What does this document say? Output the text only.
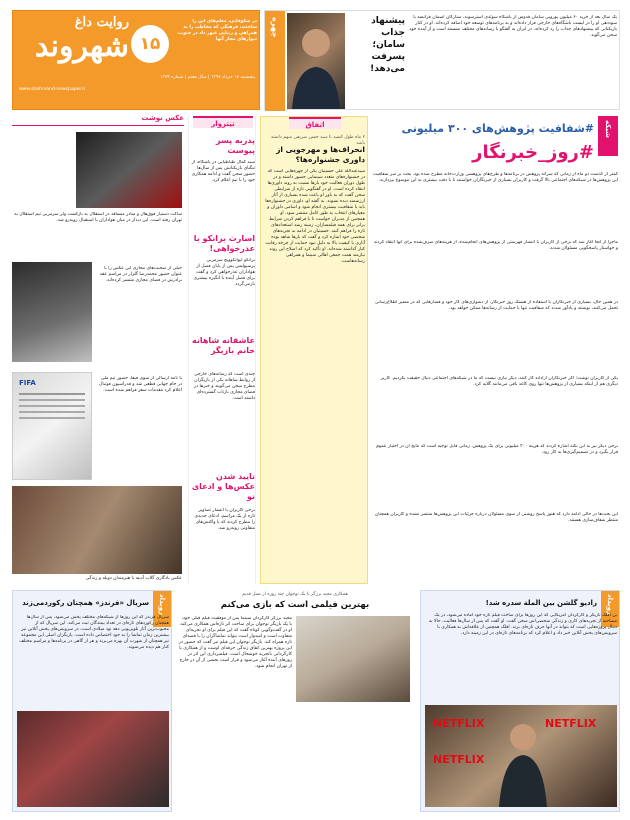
روایت داغ
شهروند ۱۵
در شکوفایی، معلم‌های این را ساختند، فرهنگی که مخاطب را به همراهی و زیبایی عبور داد در جنوب، دیوارهای مجاز آنها
پنجشنبه ۱۷ خرداد ۱۳۹۷ | سال هفتم | شماره ۱۳۷۹
www.shahrvand-newspaper.ir
چهره	پیشنهاد جذاب سامان؛ پسرفت می‌دهد!
یک سال بعد از خرید ۶۰ میلیون یورویی سامان قدوس از باشگاه سوئدی استرسوند، ستارگان آسمان فرانسه با سوددهی او را در لیست باشگاه‌های خارجی قرار داده‌اند و به برنامه‌های توسعه خود اضافه کرده‌اند. او در کنار بازیکنانی که پیشنهاد‌های جذاب را رد کرده‌اند، در ایران به گفتگو با رسانه‌های مختلف نشسته است و از آینده خود سخن می‌گوید.
عکس نوشت
ساکت دستیار فوق‌هال و منادر منساقد در استقلال به بازگشت ولر سرمربی تیم استقلال به تهران رفته است. این دیدار در میان هواداران با استقبال روبه‌رو شد.
خیلی از صحبت‌های مجازی این عکس را با عنوان حضور محمدرضا گلزار در مراسم عقد برادرش در فضای مجازی منتشر کرده‌اند.
FIFA
با نامه ارسالی از سوی فیفا، حضور تیم ملی در جام جهانی قطعی شد و فدراسیون فوتبال اعلام کرد مقدمات سفر فراهم شده است.
عکس یادگاری گلاب آدینه با هنرمندان دوبله و زندگی
تیتروار
پدربه پسر پیوست
سید کمال طباطبایی در باشگاه، از تنگنای بازیکنانش پس از سال‌ها حضور سخن گفت و ادامه همکاری خود را با تیم اعلام کرد.
اسارت برانکو با عذرخواهی!
برانکو ایوانکوویچ سرمربی پرسپولیس پس از پایان فصل از هواداران عذرخواهی کرد و گفت برای فصل آینده با انگیزه بیشتری بازمی‌گردد.
عاشقانه شاهانه خانم بازیگر
چندی است که رسانه‌های خارجی از روابط شاهانه یکی از بازیگران مطرح سخن می‌گویند و خبرها در فضای مجازی بازتاب گسترده‌ای داشته است.
تایید شدن عکس‌ها و ادعای نو
برخی کاربران با انتشار تصاویر تازه از یک مراسم، ادعای جدیدی را مطرح کردند که با واکنش‌های متفاوتی روبه‌رو شد.
اتفاق
۲ ماه طول کشید تا سید حسن شریفی سهم داشته باشد
انحراف‌ها و مهرجویی از داوری جشنواره‌ها؟
سیدعبدالله علی حسینیان یکی از چهره‌هایی است که در جشنواره‌های متعدد سینمایی حضور داشته و در طول دوران فعالیت خود بارها نسبت به روند داوری‌ها انتقاد کرده است. او در گفتگویی تازه از شرایطی سخن گفت که به باور او باعث شده بسیاری از آثار ارزشمند دیده نشوند. به گفته او، داوری در جشنواره‌ها باید با شفافیت بیشتری انجام شود و اسامی داوران و معیارهای انتخاب به طور کامل منتشر شود. او همچنین از مدیران خواست تا با فراهم کردن شرایط برابر برای همه فیلمسازان، زمینه رشد استعدادهای تازه را فراهم کنند. حسینیان در ادامه به تجربه‌های شخصی خود اشاره کرد و گفت که بارها شاهد بوده آثاری با کیفیت بالا به دلیل نبود حمایت از چرخه رقابت کنار گذاشته شده‌اند. او تأکید کرد که اصلاح این روند نیازمند همت جمعی اهالی سینما و همراهی رسانه‌هاست.
شبکه
#شفافیت پژوهش‌های ۳۰۰ میلیونی
#روز_خبرنگار
کمتر از گذشت دو ماه از زمانی که سرانه پژوهش در برنامه‌ها و طرح‌های پژوهشی وزارت‌خانه مطرح شده بود، بحث بر سر شفافیت این پژوهش‌ها در شبکه‌های اجتماعی بالا گرفت و کاربران بسیاری از خبرنگاران خواستند تا با دقت بیشتری به این موضوع بپردازند.
ماجرا از آنجا آغاز شد که برخی از کاربران با انتشار فهرستی از پژوهش‌های انجام‌شده، از هزینه‌های صرف‌شده برای آنها انتقاد کردند و خواستار پاسخگویی مسئولان شدند.
در همین حال، بسیاری از خبرنگاران با استفاده از هشتگ روز خبرنگار، از دشواری‌های کار خود و فشارهایی که در مسیر اطلاع‌رسانی تحمل می‌کنند، نوشتند و یادآور شدند که شفافیت تنها با حمایت از رسانه‌ها ممکن خواهد بود.
یکی از کاربران نوشت: اگر خبرنگاران آزادانه کار کنند، دیگر نیازی نیست که ما در شبکه‌های اجتماعی دنبال حقیقت بگردیم. کاربر دیگری هم از اینکه بسیاری از پژوهش‌ها تنها روی کاغذ باقی می‌مانند گلایه کرد.
برخی دیگر نیز به این نکته اشاره کردند که هزینه ۳۰۰ میلیونی برای یک پژوهش، زمانی قابل توجیه است که نتایج آن در اختیار عموم قرار بگیرد و در تصمیم‌گیری‌ها به کار رود.
این بحث‌ها در حالی ادامه دارد که هنوز پاسخ روشنی از سوی مسئولان درباره جزئیات این پژوهش‌ها منتشر نشده و کاربران همچنان منتظر شفاف‌سازی هستند.
رویداد
سریال «فرندز» همچنان رکوردمی‌زند
سریال فرندز که این روزها از شبکه‌های مختلف پخش می‌شود، پس از سال‌ها همچنان رکوردهای تازه‌ای در تعداد بینندگان ثبت می‌کند. این سریال که از محبوب‌ترین آثار تلویزیونی دهه نود میلادی است، در سرویس‌های پخش آنلاین نیز بیشترین زمان تماشا را به خود اختصاص داده است. بازیگران اصلی این مجموعه نیز همچنان از شهرت آن بهره می‌برند و هر از گاهی در برنامه‌ها و مراسم مختلف کنار هم دیده می‌شوند.
همکاری مجید برزگر با یک نوجوان چند روزه از نسل قدیم
بهترین فیلمی است که بازی می‌کنم
مجید برزگر کارگردان سینما پس از موفقیت فیلم قبلی خود، با یک بازیگر نوجوان برای ساخت اثر تازه‌اش همکاری می‌کند. او در گفت‌وگویی کوتاه گفت که این فیلم برای او تجربه‌ای متفاوت است و امیدوار است بتواند تماشاگران را با قصه‌ای تازه همراه کند. بازیگر نوجوان این فیلم نیز گفت که حضور در این پروژه بهترین اتفاق زندگی حرفه‌ای اوست و از همکاری با کارگردانی باتجربه خوشحال است. فیلمبرداری این اثر در روزهای آینده آغاز می‌شود و قرار است بخشی از آن در خارج از تهران انجام شود.
رویداد
راديو گلشن بين الملة سدره شد!
بن افلک بازیگر و کارگردان آمریکایی که این روزها برای ساخت فیلم تازه خود آماده می‌شود، در یک مصاحبه از تجربه‌های کاری و زندگی شخصی‌اش سخن گفت. او گفت که پس از سال‌ها فعالیت، حالا به دنبال پروژه‌هایی است که بتواند در آنها حرف تازه‌ای بزند. افلک همچنین از علاقه‌اش به همکاری با سرویس‌های پخش آنلاین خبر داد و اعلام کرد که برنامه‌های تازه‌ای در این زمینه دارد.
NETFLIX
NETFLIX
NETFLIX
